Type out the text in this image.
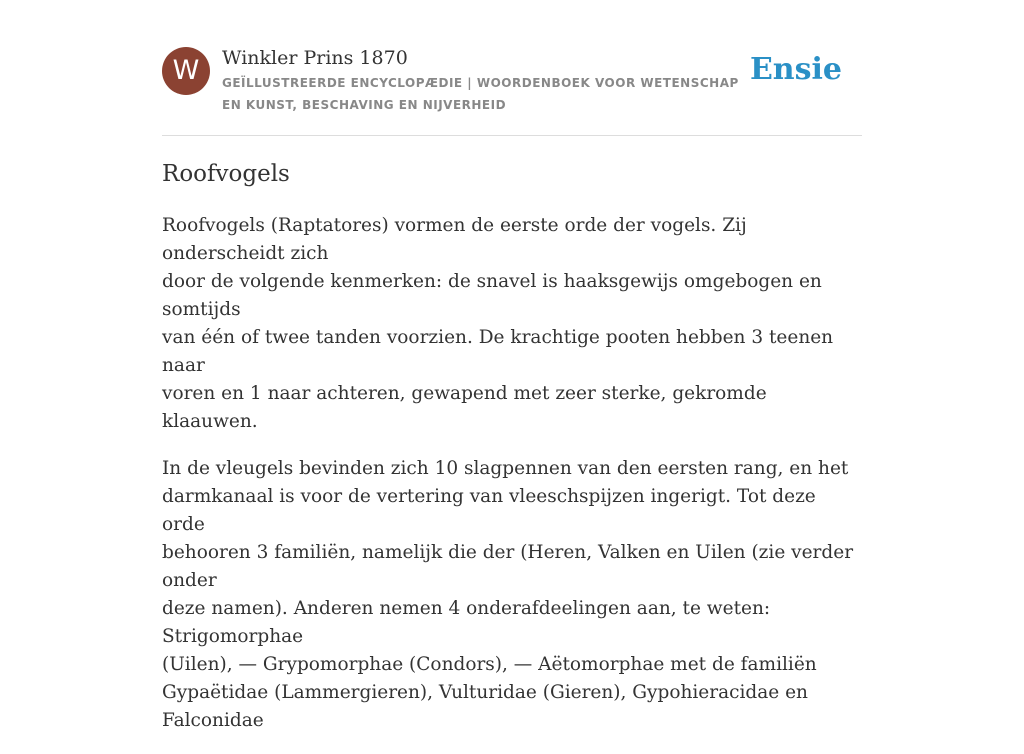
W	Winkler Prins 1870
GEÏLLUSTREERDE ENCYCLOPÆDIE | WOORDENBOEK VOOR WETENSCHAP EN KUNST, BESCHAVING EN NIJVERHEID
Ensie
Roofvogels

Roofvogels (Raptatores) vormen de eerste orde der vogels. Zij onderscheidt zich
door de volgende kenmerken: de snavel is haaksgewijs omgebogen en somtijds
van één of twee tanden voorzien. De krachtige pooten hebben 3 teenen naar
voren en 1 naar achteren, gewapend met zeer sterke, gekromde klaauwen.

In de vleugels bevinden zich 10 slagpennen van den eersten rang, en het
darmkanaal is voor de vertering van vleeschspijzen ingerigt. Tot deze orde
behooren 3 familiën, namelijk die der (Heren, Valken en Uilen (zie verder onder
deze namen). Anderen nemen 4 onderafdeelingen aan, te weten: Strigomorphae
(Uilen), — Grypomorphae (Condors), — Aëtomorphae met de familiën
Gypaëtidae (Lammergieren), Vulturidae (Gieren), Gypohieracidae en Falconidae
